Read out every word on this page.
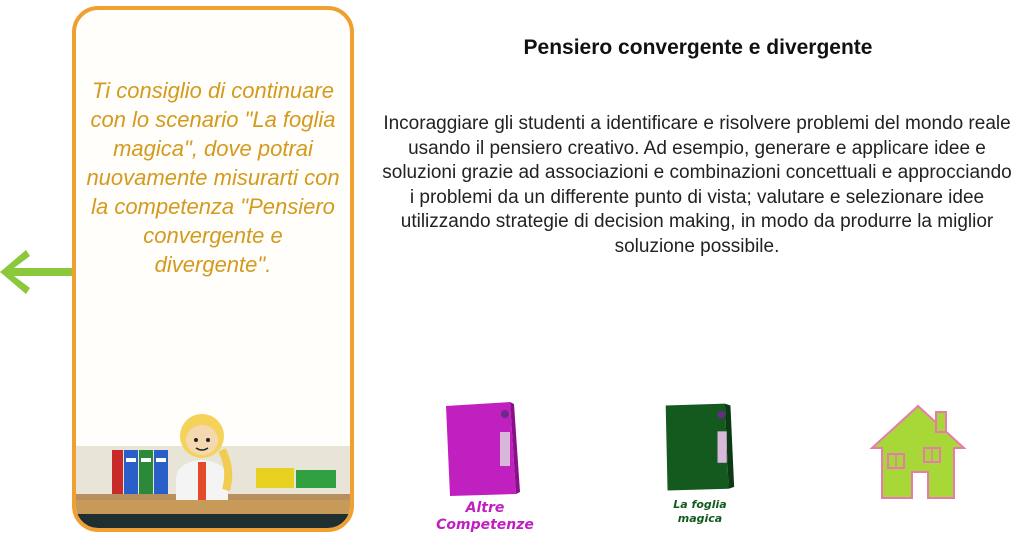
Ti consiglio di continuare con lo scenario "La foglia magica", dove potrai nuovamente misurarti con la competenza "Pensiero convergente e divergente".
Pensiero convergente e divergente
Incoraggiare gli studenti a identificare e risolvere problemi del mondo reale usando il pensiero creativo. Ad esempio, generare e applicare idee e soluzioni grazie ad associazioni e combinazioni concettuali e approcciando i problemi da un differente punto di vista; valutare e selezionare idee utilizzando strategie di decision making, in modo da produrre la miglior soluzione possibile.
Altre
Competenze
La foglia
magica
